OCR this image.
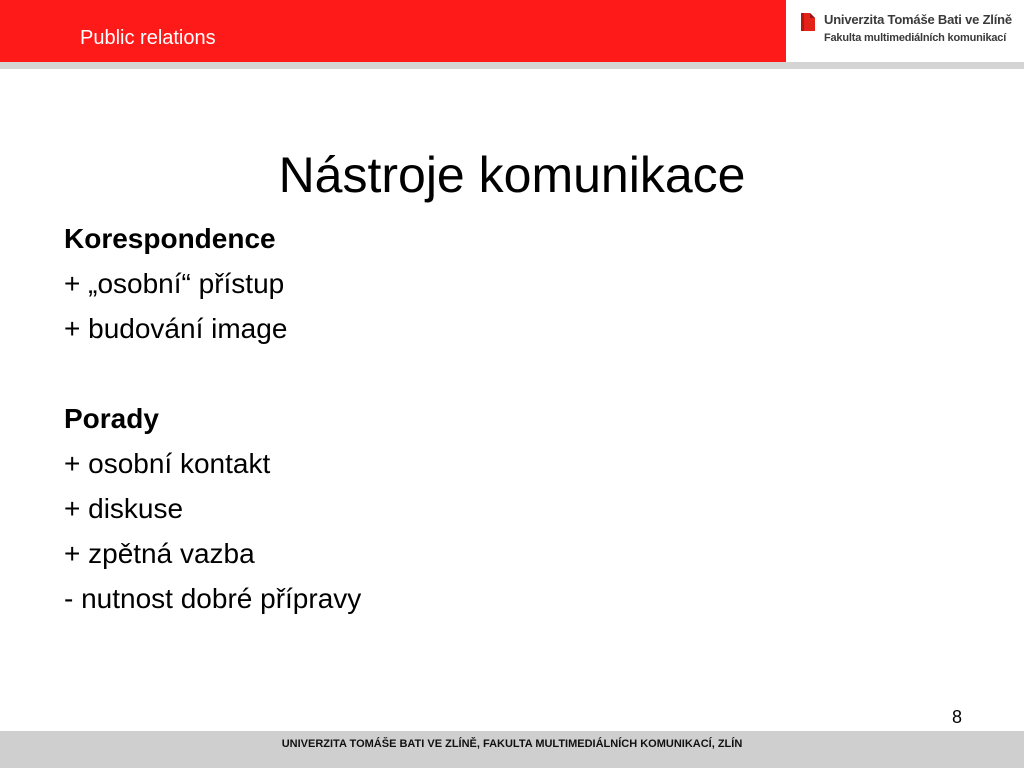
Public relations
Univerzita Tomáše Bati ve Zlíně
Fakulta multimediálních komunikací
Nástroje komunikace
Korespondence
+ „osobní“ přístup
+ budování image
Porady
+ osobní kontakt
+ diskuse
+ zpětná vazba
- nutnost dobré přípravy
8
UNIVERZITA TOMÁŠE BATI VE ZLÍNĚ, FAKULTA MULTIMEDIÁLNÍCH KOMUNIKACÍ, ZLÍN
